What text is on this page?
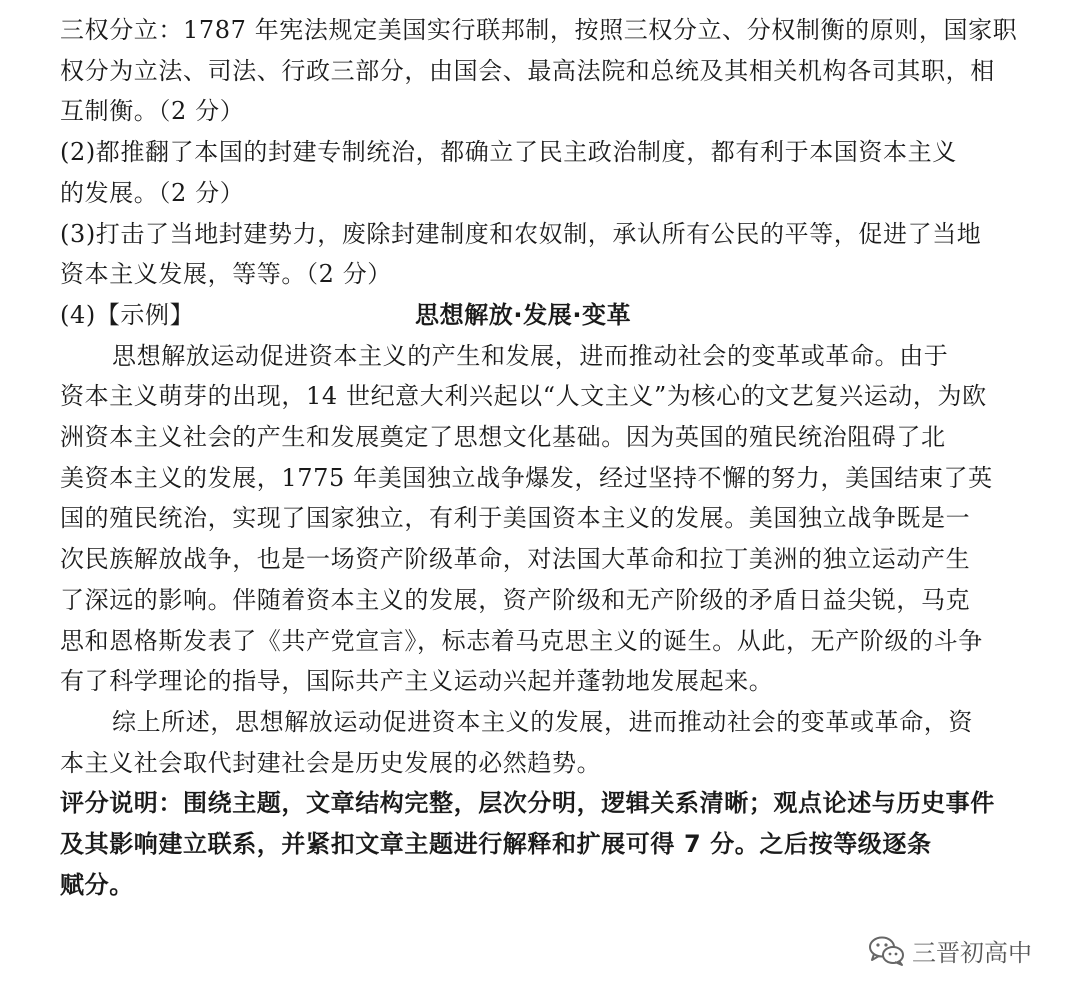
三权分立：1787 年宪法规定美国实行联邦制，按照三权分立、分权制衡的原则，国家职
权分为立法、司法、行政三部分，由国会、最高法院和总统及其相关机构各司其职，相
互制衡。（2 分）
(2)都推翻了本国的封建专制统治，都确立了民主政治制度，都有利于本国资本主义
的发展。（2 分）
(3)打击了当地封建势力，废除封建制度和农奴制，承认所有公民的平等，促进了当地
资本主义发展，等等。（2 分）
(4)【示例】	思想解放·发展·变革
思想解放运动促进资本主义的产生和发展，进而推动社会的变革或革命。由于
资本主义萌芽的出现，14 世纪意大利兴起以“人文主义”为核心的文艺复兴运动，为欧
洲资本主义社会的产生和发展奠定了思想文化基础。因为英国的殖民统治阻碍了北
美资本主义的发展，1775 年美国独立战争爆发，经过坚持不懈的努力，美国结束了英
国的殖民统治，实现了国家独立，有利于美国资本主义的发展。美国独立战争既是一
次民族解放战争，也是一场资产阶级革命，对法国大革命和拉丁美洲的独立运动产生
了深远的影响。伴随着资本主义的发展，资产阶级和无产阶级的矛盾日益尖锐，马克
思和恩格斯发表了《共产党宣言》，标志着马克思主义的诞生。从此，无产阶级的斗争
有了科学理论的指导，国际共产主义运动兴起并蓬勃地发展起来。
综上所述，思想解放运动促进资本主义的发展，进而推动社会的变革或革命，资
本主义社会取代封建社会是历史发展的必然趋势。
评分说明：围绕主题，文章结构完整，层次分明，逻辑关系清晰；观点论述与历史事件
及其影响建立联系，并紧扣文章主题进行解释和扩展可得 7 分。之后按等级逐条
赋分。
三晋初高中
